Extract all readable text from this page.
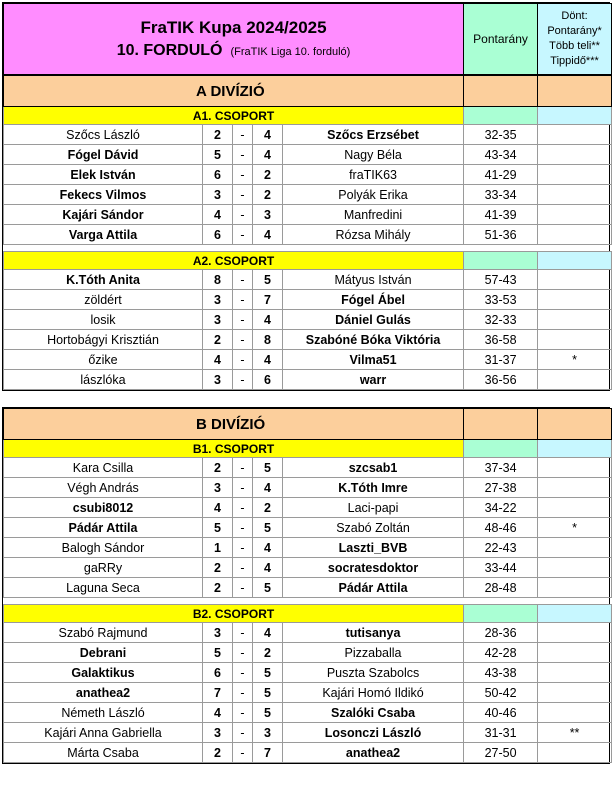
FraTIK Kupa 2024/2025
10. FORDULÓ (FraTIK Liga 10. forduló)
	Pontarány	
Dönt:
Pontarány*
Több teli**
Tippidő***
A DIVÍZIÓ						
A1. CSOPORT						
Szőcs László	2	-	4	Szőcs Erzsébet	32-35	
Fógel Dávid	5	-	4	Nagy Béla	43-34	
Elek István	6	-	2	fraTIK63	41-29	
Fekecs Vilmos	3	-	2	Polyák Erika	33-34	
Kajári Sándor	4	-	3	Manfredini	41-39	
Varga Attila	6	-	4	Rózsa Mihály	51-36	

A2. CSOPORT						
K.Tóth Anita	8	-	5	Mátyus István	57-43	
zöldért	3	-	7	Fógel Ábel	33-53	
losik	3	-	4	Dániel Gulás	32-33	
Hortobágyi Krisztián	2	-	8	Szabóné Bóka Viktória	36-58	
őzike	4	-	4	Vilma51	31-37	*
lászlóka	3	-	6	warr	36-56	
B DIVÍZIÓ						
B1. CSOPORT						
Kara Csilla	2	-	5	szcsab1	37-34	
Végh András	3	-	4	K.Tóth Imre	27-38	
csubi8012	4	-	2	Laci-papi	34-22	
Pádár Attila	5	-	5	Szabó Zoltán	48-46	*
Balogh Sándor	1	-	4	Laszti_BVB	22-43	
gaRRy	2	-	4	socratesdoktor	33-44	
Laguna Seca	2	-	5	Pádár Attila	28-48	

B2. CSOPORT						
Szabó Rajmund	3	-	4	tutisanya	28-36	
Debrani	5	-	2	Pizzaballa	42-28	
Galaktikus	6	-	5	Puszta Szabolcs	43-38	
anathea2	7	-	5	Kajári Homó Ildikó	50-42	
Németh László	4	-	5	Szalóki Csaba	40-46	
Kajári Anna Gabriella	3	-	3	Losonczi László	31-31	**
Márta Csaba	2	-	7	anathea2	27-50	
